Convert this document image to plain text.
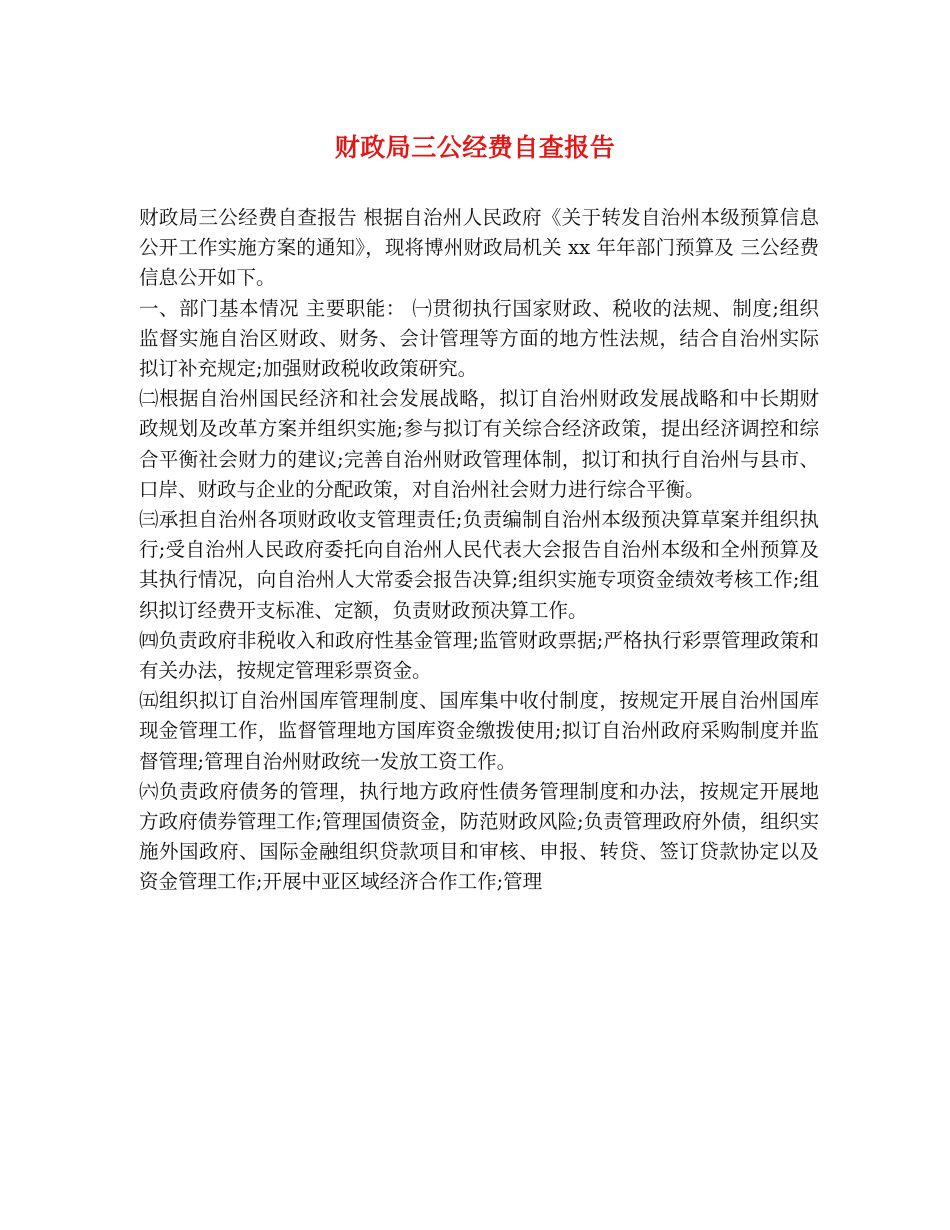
财政局三公经费自查报告

财政局三公经费自查报告 根据自治州人民政府《关于转发自治州本级预算信息公开工作实施方案的通知》，现将博州财政局机关 xx 年年部门预算及 三公经费 信息公开如下。

一、部门基本情况 主要职能： ㈠贯彻执行国家财政、税收的法规、制度;组织监督实施自治区财政、财务、会计管理等方面的地方性法规，结合自治州实际拟订补充规定;加强财政税收政策研究。

㈡根据自治州国民经济和社会发展战略，拟订自治州财政发展战略和中长期财政规划及改革方案并组织实施;参与拟订有关综合经济政策，提出经济调控和综合平衡社会财力的建议;完善自治州财政管理体制，拟订和执行自治州与县市、口岸、财政与企业的分配政策，对自治州社会财力进行综合平衡。

㈢承担自治州各项财政收支管理责任;负责编制自治州本级预决算草案并组织执行;受自治州人民政府委托向自治州人民代表大会报告自治州本级和全州预算及其执行情况，向自治州人大常委会报告决算;组织实施专项资金绩效考核工作;组织拟订经费开支标准、定额，负责财政预决算工作。

㈣负责政府非税收入和政府性基金管理;监管财政票据;严格执行彩票管理政策和有关办法，按规定管理彩票资金。

㈤组织拟订自治州国库管理制度、国库集中收付制度，按规定开展自治州国库现金管理工作，监督管理地方国库资金缴拨使用;拟订自治州政府采购制度并监督管理;管理自治州财政统一发放工资工作。

㈥负责政府债务的管理，执行地方政府性债务管理制度和办法，按规定开展地方政府债券管理工作;管理国债资金，防范财政风险;负责管理政府外债，组织实施外国政府、国际金融组织贷款项目和审核、申报、转贷、签订贷款协定以及资金管理工作;开展中亚区域经济合作工作;管理
